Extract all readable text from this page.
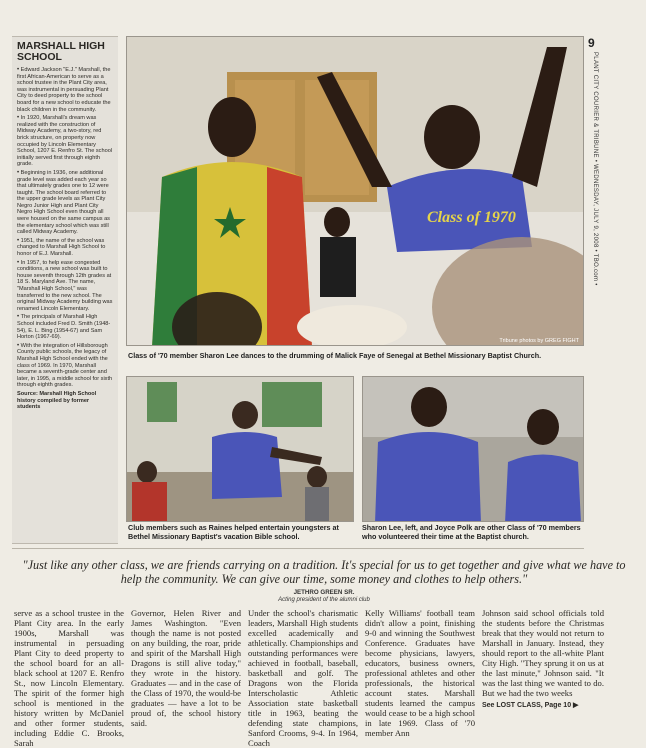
MARSHALL HIGH SCHOOL

• Edward Jackson "E.J." Marshall, the first African-American to serve as a school trustee in the Plant City area, was instrumental in persuading Plant City to deed property to the school board for a new school to educate the black children in the community.

• In 1920, Marshall's dream was realized with the construction of Midway Academy, a two-story, red brick structure, on property now occupied by Lincoln Elementary School, 1207 E. Renfro St. The school initially served first through eighth grade.

• Beginning in 1936, one additional grade level was added each year so that ultimately grades one to 12 were taught. The school board referred to the upper grade levels as Plant City Negro Junior High and Plant City Negro High School even though all were housed on the same campus as the elementary school which was still called Midway Academy.

• 1951, the name of the school was changed to Marshall High School to honor of E.J. Marshall.

• In 1957, to help ease congested conditions, a new school was built to house seventh through 12th grades at 18 S. Maryland Ave. The name, "Marshall High School," was transferred to the new school. The original Midway Academy building was renamed Lincoln Elementary.

• The principals of Marshall High School included Fred D. Smith (1948-54), E. L. Bing (1954-67) and Sam Horton (1967-69).

• With the integration of Hillsborough County public schools, the legacy of Marshall High School ended with the class of 1969. In 1970, Marshall became a seventh-grade center and later, in 1995, a middle school for sixth through eighth grades.

Source: Marshall High School history compiled by former students

Class of 1970
Tribune photos by GREG FIGHT
Class of '70 member Sharon Lee dances to the drumming of Malick Faye of Senegal at Bethel Missionary Baptist Church.
Club members such as Raines helped entertain youngsters at Bethel Missionary Baptist's vacation Bible school.
Sharon Lee, left, and Joyce Polk are other Class of '70 members who volunteered their time at the Baptist church.
9
PLANT CITY COURIER & TRIBUNE • WEDNESDAY, JULY 9, 2008 • TBO.com •
"Just like any other class, we are friends carrying on a tradition. It's special for us to get together and give what we have to help the community. We can give our time, some money and clothes to help others."
JETHRO GREEN SR.
Acting president of the alumni club

serve as a school trustee in the Plant City area. In the early 1900s, Marshall was instrumental in persuading Plant City to deed property to the school board for an all-black school at 1207 E. Renfro St., now Lincoln Elementary. The spirit of the former high school is mentioned in the history written by McDaniel and other former students, including Eddie C. Brooks, Sarah

Governor, Helen River and James Washington. "Even though the name is not posted on any building, the roar, pride and spirit of the Marshall High Dragons is still alive today," they wrote in the history. Graduates — and in the case of the Class of 1970, the would-be graduates — have a lot to be proud of, the school history said.

Under the school's charismatic leaders, Marshall High students excelled academically and athletically. Championships and outstanding performances were achieved in football, baseball, basketball and golf. The Dragons won the Florida Interscholastic Athletic Association state basketball title in 1963, beating the defending state champions, Sanford Crooms, 9-4. In 1964, Coach

Kelly Williams' football team didn't allow a point, finishing 9-0 and winning the Southwest Conference. Graduates have become physicians, lawyers, educators, business owners, professional athletes and other professionals, the historical account states. Marshall students learned the campus would cease to be a high school in late 1969. Class of '70 member Ann

Johnson said school officials told the students before the Christmas break that they would not return to Marshall in January. Instead, they should report to the all-white Plant City High. "They sprung it on us at the last minute," Johnson said. "It was the last thing we wanted to do. But we had the two weeks

See LOST CLASS, Page 10 ▶
